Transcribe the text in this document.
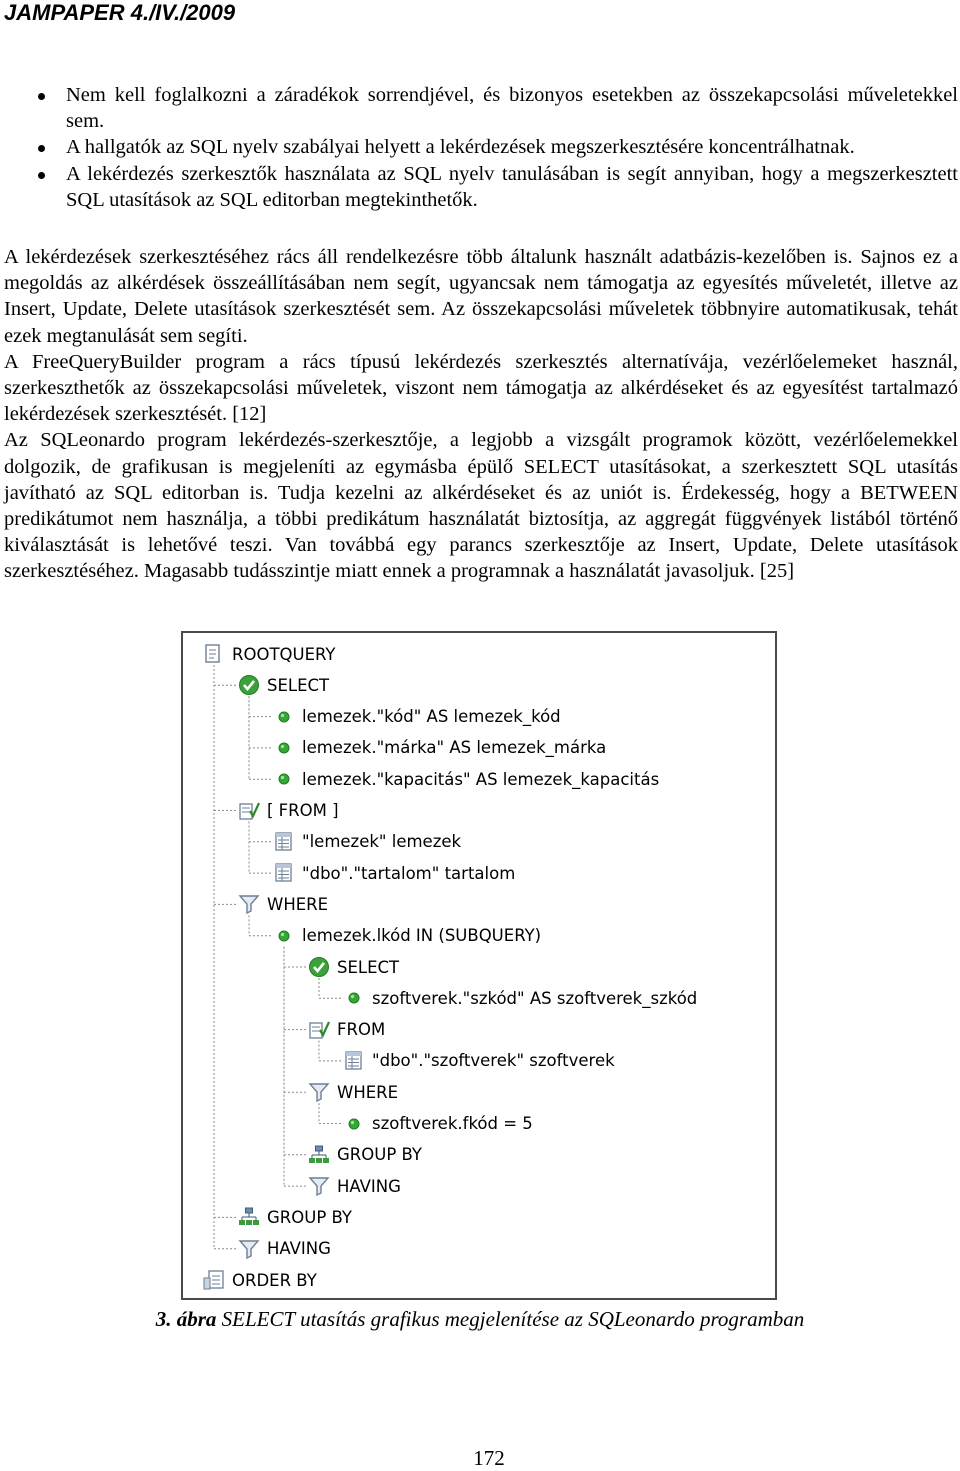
JAMPAPER 4./IV./2009
Nem kell foglalkozni a záradékok sorrendjével, és bizonyos esetekben az összekapcsolási műveletekkel sem.
A hallgatók az SQL nyelv szabályai helyett a lekérdezések megszerkesztésére koncentrálhatnak.
A lekérdezés szerkesztők használata az SQL nyelv tanulásában is segít annyiban, hogy a megszerkesztett SQL utasítások az SQL editorban megtekinthetők.

A lekérdezések szerkesztéséhez rács áll rendelkezésre több általunk használt adatbázis-kezelőben is. Sajnos ez a megoldás az alkérdések összeállításában nem segít, ugyancsak nem támogatja az egyesítés műveletét, illetve az Insert, Update, Delete utasítások szerkesztését sem. Az összekapcsolási műveletek többnyire automatikusak, tehát ezek megtanulását sem segíti.

A FreeQueryBuilder program a rács típusú lekérdezés szerkesztés alternatívája, vezérlőelemeket használ, szerkeszthetők az összekapcsolási műveletek, viszont nem támogatja az alkérdéseket és az egyesítést tartalmazó lekérdezések szerkesztését. [12]

Az SQLeonardo program lekérdezés-szerkesztője, a legjobb a vizsgált programok között, vezérlőelemekkel dolgozik, de grafikusan is megjeleníti az egymásba épülő SELECT utasításokat, a szerkesztett SQL utasítás javítható az SQL editorban is. Tudja kezelni az alkérdéseket és az uniót is. Érdekesség, hogy a BETWEEN predikátumot nem használja, a többi predikátum használatát biztosítja, az aggregát függvények listából történő kiválasztását is lehetővé teszi. Van továbbá egy parancs szerkesztője az Insert, Update, Delete utasítások szerkesztéséhez. Magasabb tudásszintje miatt ennek a programnak a használatát javasoljuk. [25]

ROOTQUERY
SELECT
lemezek."kód" AS lemezek_kód
lemezek."márka" AS lemezek_márka
lemezek."kapacitás" AS lemezek_kapacitás
[ FROM ]
"lemezek" lemezek
"dbo"."tartalom" tartalom
WHERE
lemezek.lkód IN (SUBQUERY)
SELECT
szoftverek."szkód" AS szoftverek_szkód
FROM
"dbo"."szoftverek" szoftverek
WHERE
szoftverek.fkód = 5
GROUP BY
HAVING
GROUP BY
HAVING
ORDER BY
3. ábra SELECT utasítás grafikus megjelenítése az SQLeonardo programban
172
